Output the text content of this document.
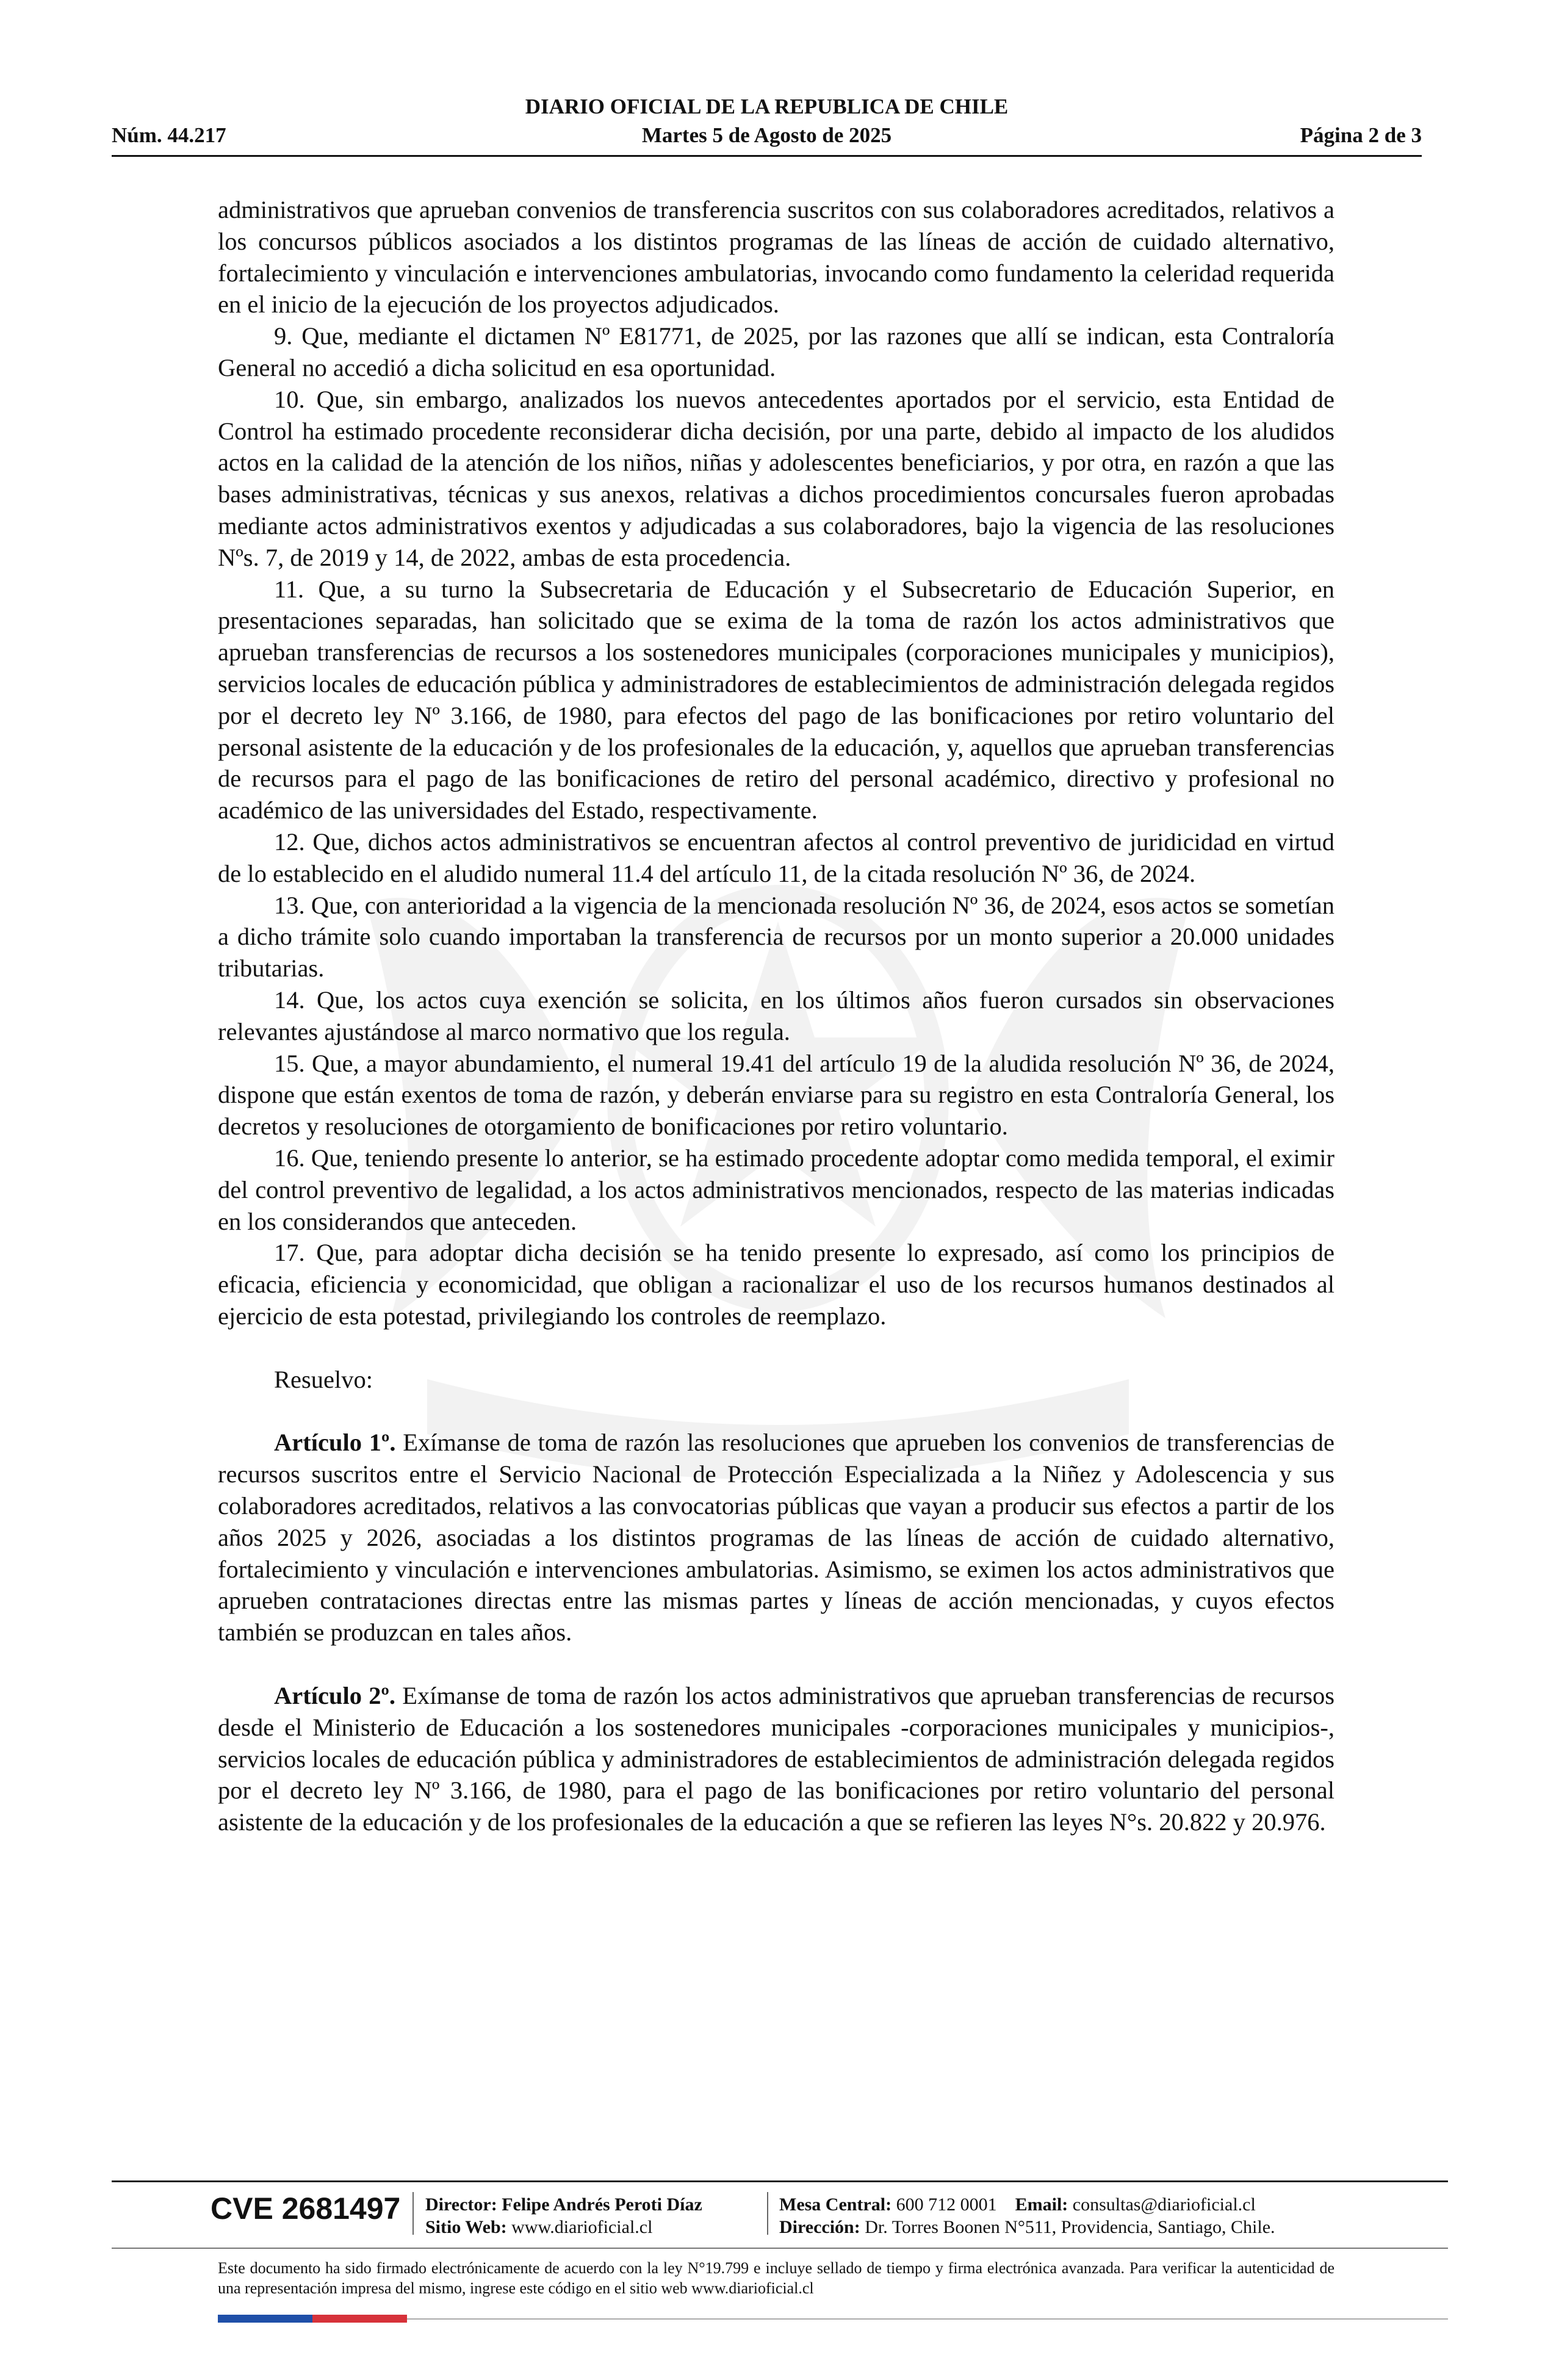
DIARIO OFICIAL DE LA REPUBLICA DE CHILE
Núm. 44.217	Martes 5 de Agosto de 2025	Página 2 de 3

administrativos que aprueban convenios de transferencia suscritos con sus colaboradores acreditados, relativos a los concursos públicos asociados a los distintos programas de las líneas de acción de cuidado alternativo, fortalecimiento y vinculación e intervenciones ambulatorias, invocando como fundamento la celeridad requerida en el inicio de la ejecución de los proyectos adjudicados.

9. Que, mediante el dictamen Nº E81771, de 2025, por las razones que allí se indican, esta Contraloría General no accedió a dicha solicitud en esa oportunidad.

10. Que, sin embargo, analizados los nuevos antecedentes aportados por el servicio, esta Entidad de Control ha estimado procedente reconsiderar dicha decisión, por una parte, debido al impacto de los aludidos actos en la calidad de la atención de los niños, niñas y adolescentes beneficiarios, y por otra, en razón a que las bases administrativas, técnicas y sus anexos, relativas a dichos procedimientos concursales fueron aprobadas mediante actos administrativos exentos y adjudicadas a sus colaboradores, bajo la vigencia de las resoluciones Nºs. 7, de 2019 y 14, de 2022, ambas de esta procedencia.

11. Que, a su turno la Subsecretaria de Educación y el Subsecretario de Educación Superior, en presentaciones separadas, han solicitado que se exima de la toma de razón los actos administrativos que aprueban transferencias de recursos a los sostenedores municipales (corporaciones municipales y municipios), servicios locales de educación pública y administradores de establecimientos de administración delegada regidos por el decreto ley Nº 3.166, de 1980, para efectos del pago de las bonificaciones por retiro voluntario del personal asistente de la educación y de los profesionales de la educación, y, aquellos que aprueban transferencias de recursos para el pago de las bonificaciones de retiro del personal académico, directivo y profesional no académico de las universidades del Estado, respectivamente.

12. Que, dichos actos administrativos se encuentran afectos al control preventivo de juridicidad en virtud de lo establecido en el aludido numeral 11.4 del artículo 11, de la citada resolución Nº 36, de 2024.

13. Que, con anterioridad a la vigencia de la mencionada resolución Nº 36, de 2024, esos actos se sometían a dicho trámite solo cuando importaban la transferencia de recursos por un monto superior a 20.000 unidades tributarias.

14. Que, los actos cuya exención se solicita, en los últimos años fueron cursados sin observaciones relevantes ajustándose al marco normativo que los regula.

15. Que, a mayor abundamiento, el numeral 19.41 del artículo 19 de la aludida resolución Nº 36, de 2024, dispone que están exentos de toma de razón, y deberán enviarse para su registro en esta Contraloría General, los decretos y resoluciones de otorgamiento de bonificaciones por retiro voluntario.

16. Que, teniendo presente lo anterior, se ha estimado procedente adoptar como medida temporal, el eximir del control preventivo de legalidad, a los actos administrativos mencionados, respecto de las materias indicadas en los considerandos que anteceden.

17. Que, para adoptar dicha decisión se ha tenido presente lo expresado, así como los principios de eficacia, eficiencia y economicidad, que obligan a racionalizar el uso de los recursos humanos destinados al ejercicio de esta potestad, privilegiando los controles de reemplazo.

Resuelvo:

Artículo 1º. Exímanse de toma de razón las resoluciones que aprueben los convenios de transferencias de recursos suscritos entre el Servicio Nacional de Protección Especializada a la Niñez y Adolescencia y sus colaboradores acreditados, relativos a las convocatorias públicas que vayan a producir sus efectos a partir de los años 2025 y 2026, asociadas a los distintos programas de las líneas de acción de cuidado alternativo, fortalecimiento y vinculación e intervenciones ambulatorias. Asimismo, se eximen los actos administrativos que aprueben contrataciones directas entre las mismas partes y líneas de acción mencionadas, y cuyos efectos también se produzcan en tales años.

Artículo 2º. Exímanse de toma de razón los actos administrativos que aprueban transferencias de recursos desde el Ministerio de Educación a los sostenedores municipales -corporaciones municipales y municipios-, servicios locales de educación pública y administradores de establecimientos de administración delegada regidos por el decreto ley Nº 3.166, de 1980, para el pago de las bonificaciones por retiro voluntario del personal asistente de la educación y de los profesionales de la educación a que se refieren las leyes N°s. 20.822 y 20.976.

CVE 2681497 Director: Felipe Andrés Peroti Díaz
Sitio Web: www.diarioficial.cl
Mesa Central: 600 712 0001 Email: consultas@diarioficial.cl
Dirección: Dr. Torres Boonen N°511, Providencia, Santiago, Chile.
Este documento ha sido firmado electrónicamente de acuerdo con la ley N°19.799 e incluye sellado de tiempo y firma electrónica avanzada. Para verificar la autenticidad de una representación impresa del mismo, ingrese este código en el sitio web www.diarioficial.cl
